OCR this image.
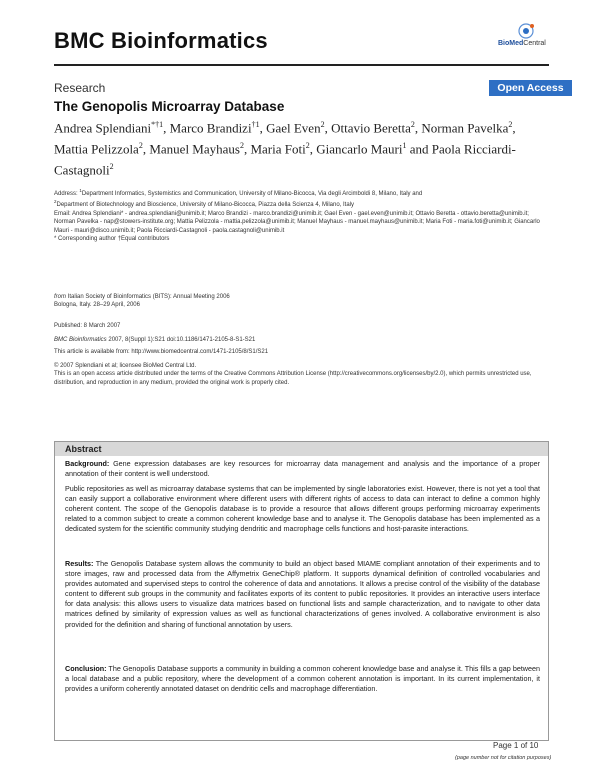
BMC Bioinformatics	BioMedCentral
Research	Open Access
The Genopolis Microarray Database
Andrea Splendiani$^{*\dagger 1}$, Marco Brandizi$^{\dagger 1}$, Gael Even$^2$, Ottavio Beretta$^2$, Norman Pavelka$^2$, Mattia Pelizzola$^2$, Manuel Mayhaus$^2$, Maria Foti$^2$, Giancarlo Mauri$^1$ and Paola Ricciardi-Castagnoli$^2$
Address: $^1$Department Informatics, Systemistics and Communication, University of Milano-Bicocca, Via degli Arcimboldi 8, Milano, Italy and
$^2$Department of Biotechnology and Bioscience, University of Milano-Bicocca, Piazza della Scienza 4, Milano, Italy
Email: Andrea Splendiani* - andrea.splendiani@unimib.it; Marco Brandizi - marco.brandizi@unimib.it; Gael Even - gael.even@unimib.it; Ottavio Beretta - ottavio.beretta@unimib.it; Norman Pavelka - nap@stowers-institute.org; Mattia Pelizzola - mattia.pelizzola@unimib.it; Manuel Mayhaus - manuel.mayhaus@unimib.it; Maria Foti - maria.foti@unimib.it; Giancarlo Mauri - mauri@disco.unimib.it; Paola Ricciardi-Castagnoli - paola.castagnoli@unimib.it
* Corresponding author †Equal contributors
from Italian Society of Bioinformatics (BITS): Annual Meeting 2006
Bologna, Italy. 28–29 April, 2006
Published: 8 March 2007
BMC Bioinformatics 2007, 8(Suppl 1):S21 doi:10.1186/1471-2105-8-S1-S21
This article is available from: http://www.biomedcentral.com/1471-2105/8/S1/S21
© 2007 Splendiani et al; licensee BioMed Central Ltd.
This is an open access article distributed under the terms of the Creative Commons Attribution License (http://creativecommons.org/licenses/by/2.0), which permits unrestricted use, distribution, and reproduction in any medium, provided the original work is properly cited.
Abstract
Background: Gene expression databases are key resources for microarray data management and analysis and the importance of a proper annotation of their content is well understood.
Public repositories as well as microarray database systems that can be implemented by single laboratories exist. However, there is not yet a tool that can easily support a collaborative environment where different users with different rights of access to data can interact to define a common highly coherent content. The scope of the Genopolis database is to provide a resource that allows different groups performing microarray experiments related to a common subject to create a common coherent knowledge base and to analyse it. The Genopolis database has been implemented as a dedicated system for the scientific community studying dendritic and macrophage cells functions and host-parasite interactions.
Results: The Genopolis Database system allows the community to build an object based MIAME compliant annotation of their experiments and to store images, raw and processed data from the Affymetrix GeneChip® platform. It supports dynamical definition of controlled vocabularies and provides automated and supervised steps to control the coherence of data and annotations. It allows a precise control of the visibility of the database content to different sub groups in the community and facilitates exports of its content to public repositories. It provides an interactive users interface for data analysis: this allows users to visualize data matrices based on functional lists and sample characterization, and to navigate to other data matrices defined by similarity of expression values as well as functional characterizations of genes involved. A collaborative environment is also provided for the definition and sharing of functional annotation by users.
Conclusion: The Genopolis Database supports a community in building a common coherent knowledge base and analyse it. This fills a gap between a local database and a public repository, where the development of a common coherent annotation is important. In its current implementation, it provides a uniform coherently annotated dataset on dendritic cells and macrophage differentiation.
Page 1 of 10
(page number not for citation purposes)
